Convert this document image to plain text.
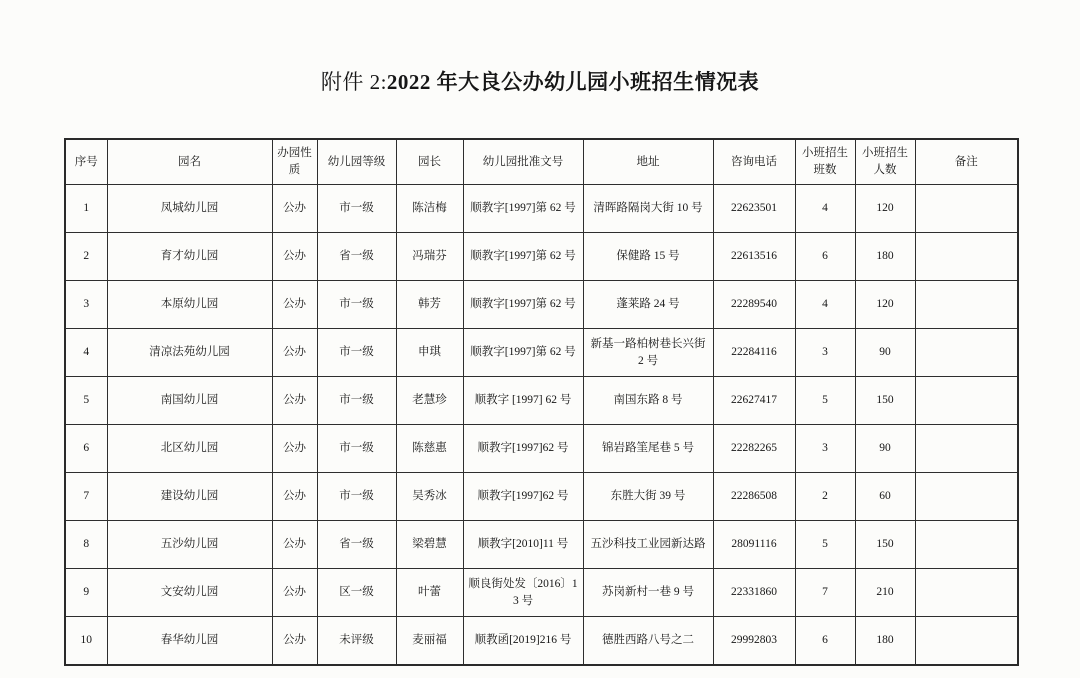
附件 2:2022 年大良公办幼儿园小班招生情况表
序号	园名	办园性质	幼儿园等级	园长	幼儿园批准文号	地址	咨询电话	小班招生班数	小班招生人数	备注
1	凤城幼儿园	公办	市一级	陈洁梅	顺教字[1997]第 62 号	清晖路隔岗大街 10 号	22623501	4	120	
2	育才幼儿园	公办	省一级	冯瑞芬	顺教字[1997]第 62 号	保健路 15 号	22613516	6	180	
3	本原幼儿园	公办	市一级	韩芳	顺教字[1997]第 62 号	蓬莱路 24 号	22289540	4	120	
4	清凉法苑幼儿园	公办	市一级	申琪	顺教字[1997]第 62 号	新基一路柏树巷长兴街 2 号	22284116	3	90	
5	南国幼儿园	公办	市一级	老慧珍	顺教字 [1997] 62 号	南国东路 8 号	22627417	5	150	
6	北区幼儿园	公办	市一级	陈慈惠	顺教字[1997]62 号	锦岩路筀尾巷 5 号	22282265	3	90	
7	建设幼儿园	公办	市一级	吴秀冰	顺教字[1997]62 号	东胜大街 39 号	22286508	2	60	
8	五沙幼儿园	公办	省一级	梁碧慧	顺教字[2010]11 号	五沙科技工业园新达路	28091116	5	150	
9	文安幼儿园	公办	区一级	叶蕾	顺良街处发〔2016〕13 号	苏岗新村一巷 9 号	22331860	7	210	
10	春华幼儿园	公办	未评级	麦丽福	顺教函[2019]216 号	德胜西路八号之二	29992803	6	180	
